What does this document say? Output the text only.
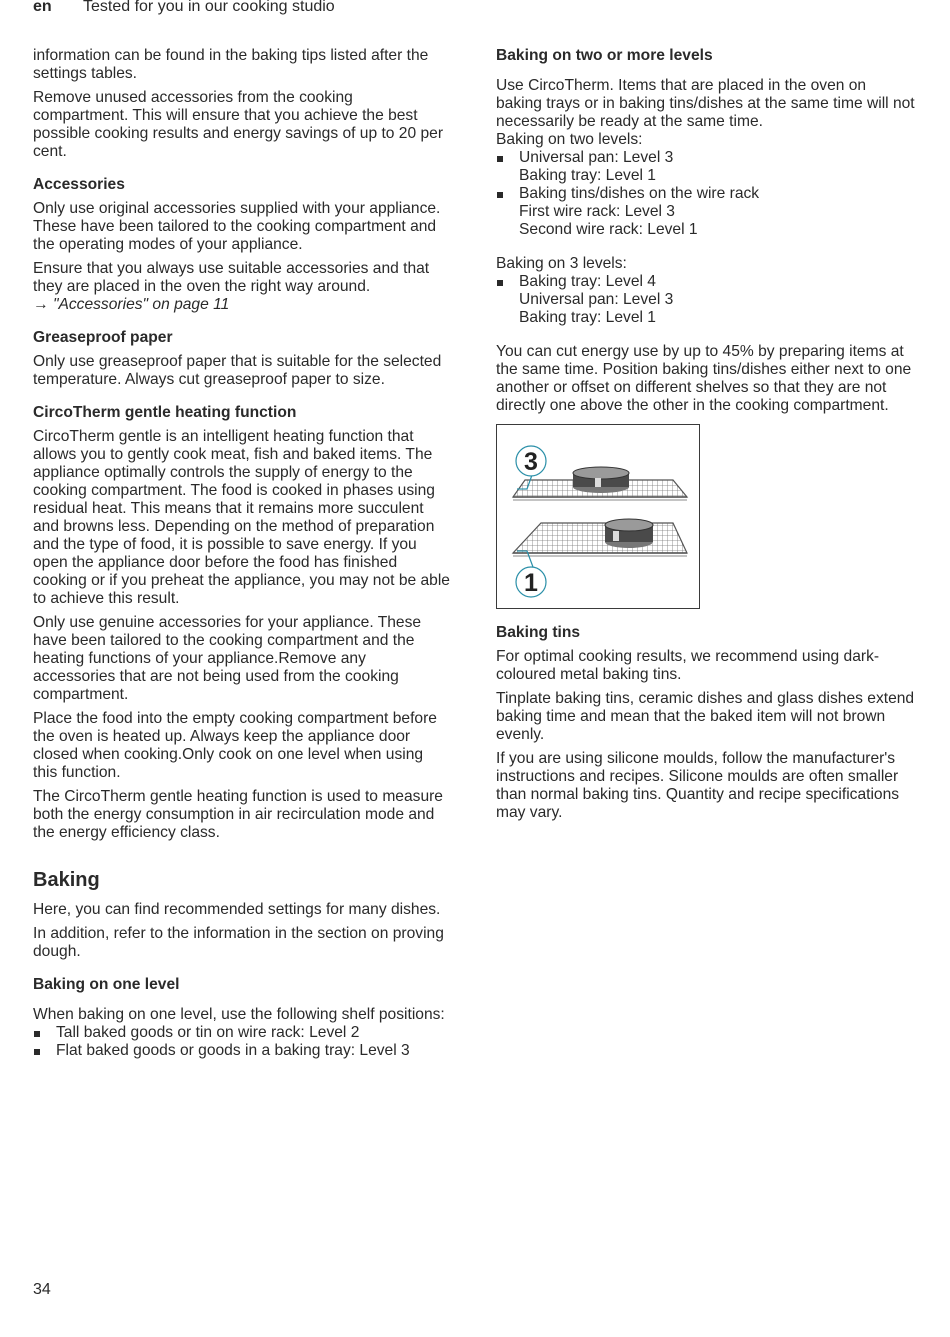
en Tested for you in our cooking studio

information can be found in the baking tips listed after the settings tables.

Remove unused accessories from the cooking compartment. This will ensure that you achieve the best possible cooking results and energy savings of up to 20 per cent.

Accessories

Only use original accessories supplied with your appliance. These have been tailored to the cooking compartment and the operating modes of your appliance.

Ensure that you always use suitable accessories and that they are placed in the oven the right way around.
→ "Accessories" on page 11

Greaseproof paper

Only use greaseproof paper that is suitable for the selected temperature. Always cut greaseproof paper to size.

CircoTherm gentle heating function

CircoTherm gentle is an intelligent heating function that allows you to gently cook meat, fish and baked items. The appliance optimally controls the supply of energy to the cooking compartment. The food is cooked in phases using residual heat. This means that it remains more succulent and browns less. Depending on the method of preparation and the type of food, it is possible to save energy. If you open the appliance door before the food has finished cooking or if you preheat the appliance, you may not be able to achieve this result.

Only use genuine accessories for your appliance. These have been tailored to the cooking compartment and the heating functions of your appliance.Remove any accessories that are not being used from the cooking compartment.

Place the food into the empty cooking compartment before the oven is heated up. Always keep the appliance door closed when cooking.Only cook on one level when using this function.

The CircoTherm gentle heating function is used to measure both the energy consumption in air recirculation mode and the energy efficiency class.

Baking

Here, you can find recommended settings for many dishes.

In addition, refer to the information in the section on proving dough.

Baking on one level

When baking on one level, use the following shelf positions:

Tall baked goods or tin on wire rack: Level 2
Flat baked goods or goods in a baking tray: Level 3
Baking on two or more levels

Use CircoTherm. Items that are placed in the oven on baking trays or in baking tins/dishes at the same time will not necessarily be ready at the same time.

Baking on two levels:

Universal pan: Level 3
Baking tray: Level 1
Baking tins/dishes on the wire rack
First wire rack: Level 3
Second wire rack: Level 1

Baking on 3 levels:

Baking tray: Level 4
Universal pan: Level 3
Baking tray: Level 1

You can cut energy use by up to 45% by preparing items at the same time. Position baking tins/dishes either next to one another or offset on different shelves so that they are not directly one above the other in the cooking compartment.

3
1
Baking tins

For optimal cooking results, we recommend using dark-coloured metal baking tins.

Tinplate baking tins, ceramic dishes and glass dishes extend baking time and mean that the baked item will not brown evenly.

If you are using silicone moulds, follow the manufacturer's instructions and recipes. Silicone moulds are often smaller than normal baking tins. Quantity and recipe specifications may vary.

34
